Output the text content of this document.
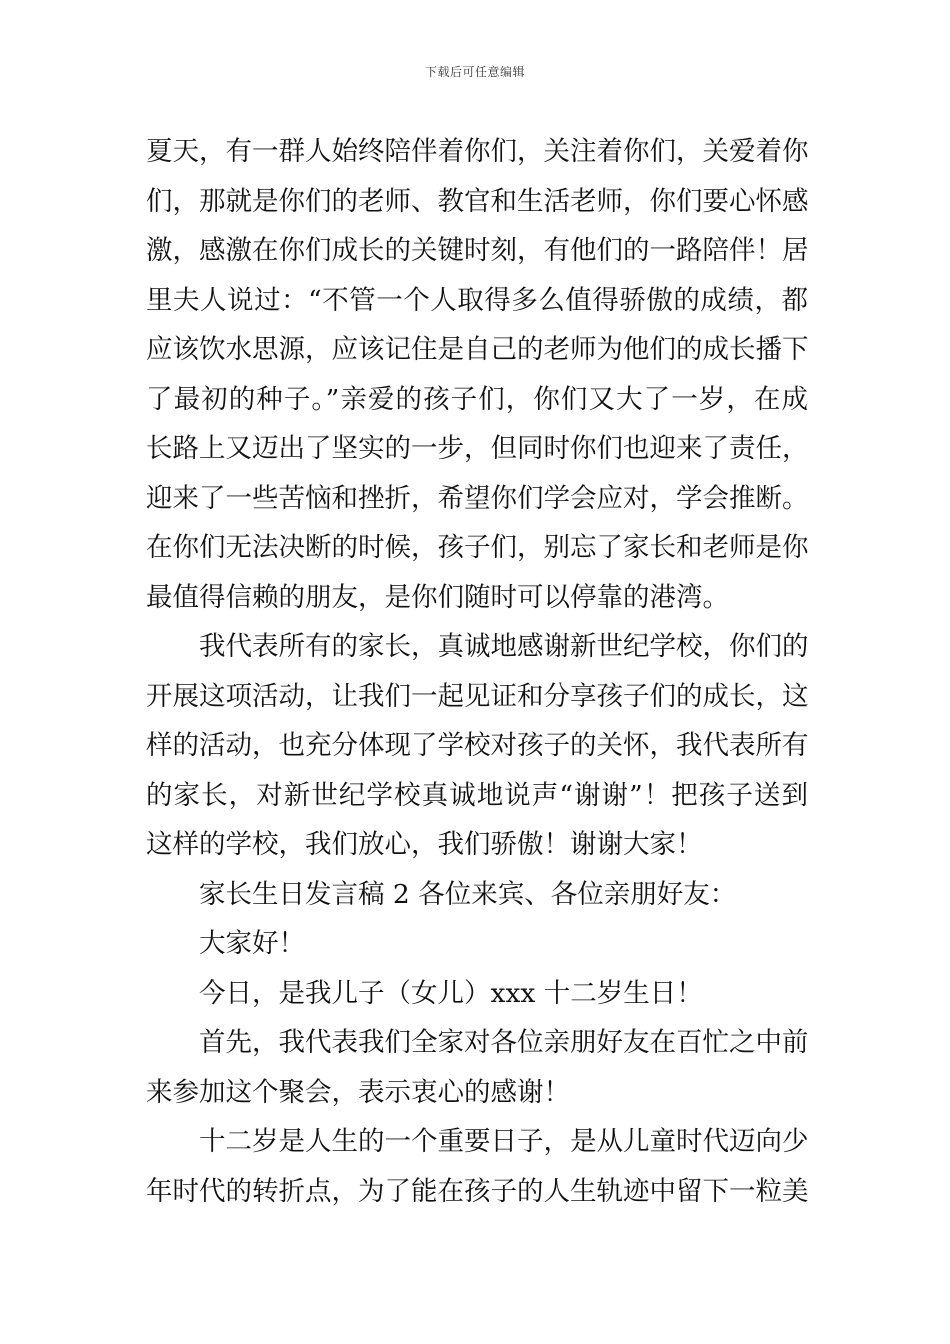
下载后可任意编辑
夏天，有一群人始终陪伴着你们，关注着你们，关爱着你
们，那就是你们的老师、教官和生活老师，你们要心怀感
激，感激在你们成长的关键时刻，有他们的一路陪伴！居
里夫人说过：“不管一个人取得多么值得骄傲的成绩，都
应该饮水思源，应该记住是自己的老师为他们的成长播下
了最初的种子。”亲爱的孩子们，你们又大了一岁，在成
长路上又迈出了坚实的一步，但同时你们也迎来了责任，
迎来了一些苦恼和挫折，希望你们学会应对，学会推断。
在你们无法决断的时候，孩子们，别忘了家长和老师是你
最值得信赖的朋友，是你们随时可以停靠的港湾。
我代表所有的家长，真诚地感谢新世纪学校，你们的
开展这项活动，让我们一起见证和分享孩子们的成长，这
样的活动，也充分体现了学校对孩子的关怀，我代表所有
的家长，对新世纪学校真诚地说声“谢谢”！把孩子送到
这样的学校，我们放心，我们骄傲！谢谢大家！
家长生日发言稿 2 各位来宾、各位亲朋好友：
大家好！
今日，是我儿子（女儿）xxx 十二岁生日！
首先，我代表我们全家对各位亲朋好友在百忙之中前
来参加这个聚会，表示衷心的感谢！
十二岁是人生的一个重要日子，是从儿童时代迈向少
年时代的转折点，为了能在孩子的人生轨迹中留下一粒美
